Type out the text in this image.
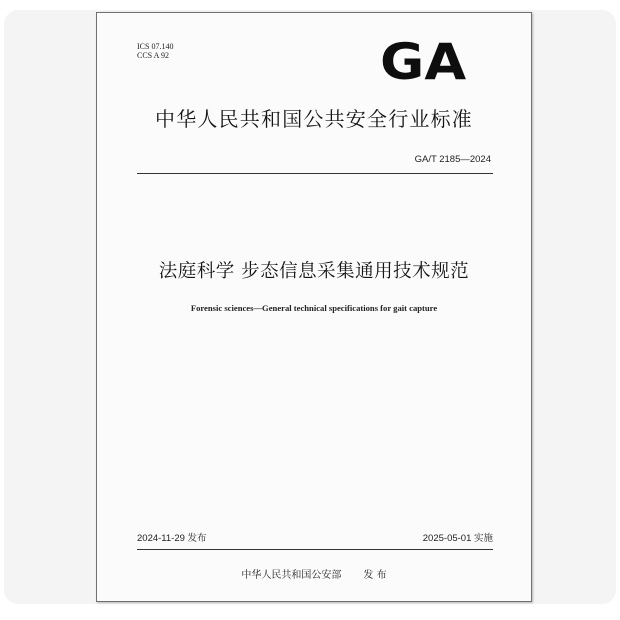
ICS 07.140
CCS A 92	GA
中华人民共和国公共安全行业标准
GA/T 2185—2024
法庭科学 步态信息采集通用技术规范
Forensic sciences—General technical specifications for gait capture
2024-11-29 发布	2025-05-01 实施
中华人民共和国公安部 发 布
